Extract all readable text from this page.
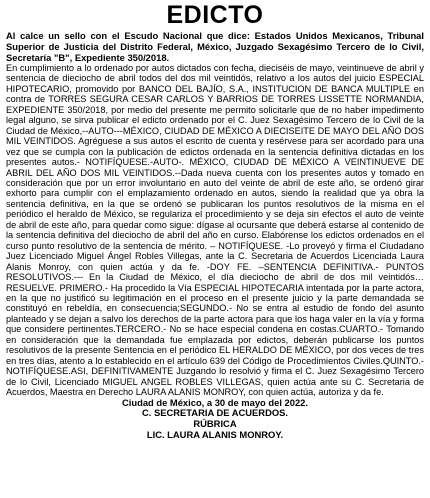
EDICTO

Al calce un sello con el Escudo Nacional que dice: Estados Unidos Mexicanos, Tribunal Superior de Justicia del Distrito Federal, México, Juzgado Sexagésimo Tercero de lo Civil, Secretaría "B", Expediente 350/2018.

En cumplimiento a lo ordenado por autos dictados con fecha, dieciséis de mayo, veintinueve de abril y sentencia de dieciocho de abril todos del dos mil veintidós, relativo a los autos del juicio ESPECIAL HIPOTECARIO, promovido por BANCO DEL BAJÍO, S.A., INSTITUCION DE BANCA MULTIPLE en contra de TORRES SEGURA CESAR CARLOS Y BARRIOS DE TORRES LISSETTE NORMANDIA, EXPEDIENTE 350/2018, por medio del presente me permito solicitarle que de no haber impedimento legal alguno, se sirva publicar el edicto ordenado por el C. Juez Sexagésimo Tercero de lo Civil de la Ciudad de México,--AUTO---MÉXICO, CIUDAD DE MÉXICO A DIECISEITE DE MAYO DEL AÑO DOS MIL VEINTIDOS. Agréguese a sus autos el escrito de cuenta y resérvese para ser acordado para una vez que se cumpla con la publicación de edictos ordenada en la sentencia definitiva dictadas en los presentes autos.- NOTIFÍQUESE.-AUTO-. MÉXICO, CIUDAD DE MÉXICO A VEINTINUEVE DE ABRIL DEL AÑO DOS MIL VEINTIDOS.--Dada nueva cuenta con los presentes autos y tomado en consideración que por un error involuntario en auto del veinte de abril de este año, se ordenó girar exhorto para cumplir con el emplazamiento ordenado en autos, siendo la realidad que ya obra la sentencia definitiva, en la que se ordenó se publicaran los puntos resolutivos de la misma en el periódico el heraldo de México, se regulariza el procedimiento y se deja sin efectos el auto de veinte de abril de este año, para quedar como sigue: dígase al ocursante que deberá estarse al contenido de la sentencia definitiva del dieciocho de abril del año en curso. Elabórense los edictos ordenados en el curso punto resolutivo de la sentencia de mérito. – NOTIFÍQUESE. -Lo proveyó y firma el Ciudadano Juez Licenciado Miguel Ángel Robles Villegas, ante la C. Secretaria de Acuerdos Licenciada Laura Alanis Monroy, con quien actúa y da fe. -DOY FE. –SENTENCIA DEFINITIVA.- PUNTOS RESOLUTIVOS.--- En la Ciudad de México, el día dieciocho de abril de dos mil veintidós… RESUELVE. PRIMERO.- Ha procedido la Vía ESPECIAL HIPOTECARIA intentada por la parte actora, en la que no justificó su legitimación en el proceso en el presente juicio y la parte demandada se constituyó en rebeldía, en consecuencia;SEGUNDO.- No se entra al estudio de fondo del asunto planteado y se dejan a salvo los derechos de la parte actora para que los haga valer en la vía y forma que considere pertinentes.TERCERO.- No se hace especial condena en costas.CUARTO.- Tomando en consideración que la demandada fue emplazada por edictos, deberán publicarse los puntos resolutivos de la presente Sentencia en el periódico EL HERALDO DE MÉXICO, por dos veces de tres en tres días, atento a lo establecido en el artículo 639 del Código de Procedimientos Civiles.QUINTO.- NOTIFÍQUESE.ASI, DEFINITIVAMENTE Juzgando lo resolvió y firma el C. Juez Sexagésimo Tercero de lo Civil, Licenciado MIGUEL ANGEL ROBLES VILLEGAS, quien actúa ante su C. Secretaria de Acuerdos, Maestra en Derecho LAURA ALANIS MONROY, con quien actúa, autoriza y da fe.

Ciudad de México, a 30 de mayo del 2022.
C. SECRETARIA DE ACUERDOS.
RÚBRICA
LIC. LAURA ALANIS MONROY.
